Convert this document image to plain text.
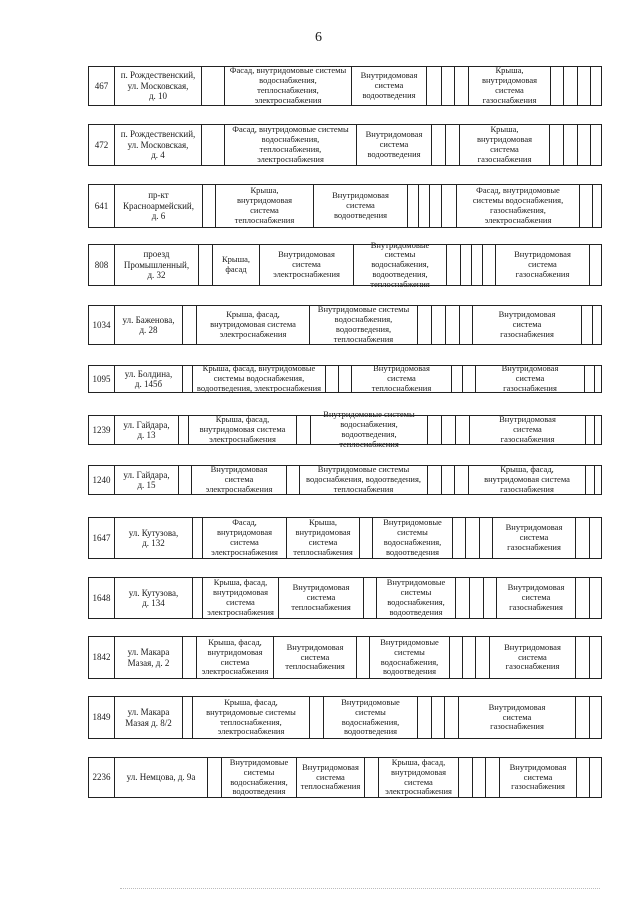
6
467
п. Рождественский,
ул. Московская,
д. 10
Фасад, внутридомовые системы
водоснабжения,
теплоснабжения,
электроснабжения
Внутридомовая
система
водоотведения
Крыша,
внутридомовая
система
газоснабжения
472
п. Рождественский,
ул. Московская,
д. 4
Фасад, внутридомовые системы
водоснабжения,
теплоснабжения,
электроснабжения
Внутридомовая
система
водоотведения
Крыша,
внутридомовая
система
газоснабжения
641
пр-кт
Красноармейский,
д. 6
Крыша,
внутридомовая
система
теплоснабжения
Внутридомовая
система
водоотведения
Фасад, внутридомовые
системы водоснабжения,
газоснабжения,
электроснабжения
808
проезд
Промышленный,
д. 32
Крыша,
фасад
Внутридомовая
система
электроснабжения
Внутридомовые системы
водоснабжения,
водоотведения,
теплоснабжения
Внутридомовая
система
газоснабжения
1034
ул. Баженова,
д. 28
Крыша, фасад,
внутридомовая система
электроснабжения
Внутридомовые системы
водоснабжения,
водоотведения,
теплоснабжения
Внутридомовая
система
газоснабжения
1095
ул. Болдина,
д. 145б
Крыша, фасад, внутридомовые
системы водоснабжения,
водоотведения, электроснабжения
Внутридомовая
система
теплоснабжения
Внутридомовая
система
газоснабжения
1239
ул. Гайдара,
д. 13
Крыша, фасад,
внутридомовая система
электроснабжения
Внутридомовые системы
водоснабжения, водоотведения,
теплоснабжения
Внутридомовая
система
газоснабжения
1240
ул. Гайдара,
д. 15
Внутридомовая
система
электроснабжения
Внутридомовые системы
водоснабжения, водоотведения,
теплоснабжения
Крыша, фасад,
внутридомовая система
газоснабжения
1647
ул. Кутузова,
д. 132
Фасад,
внутридомовая
система
электроснабжения
Крыша,
внутридомовая
система
теплоснабжения
Внутридомовые
системы
водоснабжения,
водоотведения
Внутридомовая
система
газоснабжения
1648
ул. Кутузова,
д. 134
Крыша, фасад,
внутридомовая
система
электроснабжения
Внутридомовая
система
теплоснабжения
Внутридомовые
системы
водоснабжения,
водоотведения
Внутридомовая
система
газоснабжения
1842
ул. Макара
Мазая, д. 2
Крыша, фасад,
внутридомовая
система
электроснабжения
Внутридомовая
система
теплоснабжения
Внутридомовые
системы
водоснабжения,
водоотведения
Внутридомовая
система
газоснабжения
1849
ул. Макара
Мазая д. 8/2
Крыша, фасад,
внутридомовые системы
теплоснабжения,
электроснабжения
Внутридомовые системы
водоснабжения,
водоотведения
Внутридомовая
система
газоснабжения
2236	ул. Немцова, д. 9а
Внутридомовые
системы
водоснабжения,
водоотведения
Внутридомовая
система
теплоснабжения
Крыша, фасад,
внутридомовая
система
электроснабжения
Внутридомовая
система
газоснабжения
